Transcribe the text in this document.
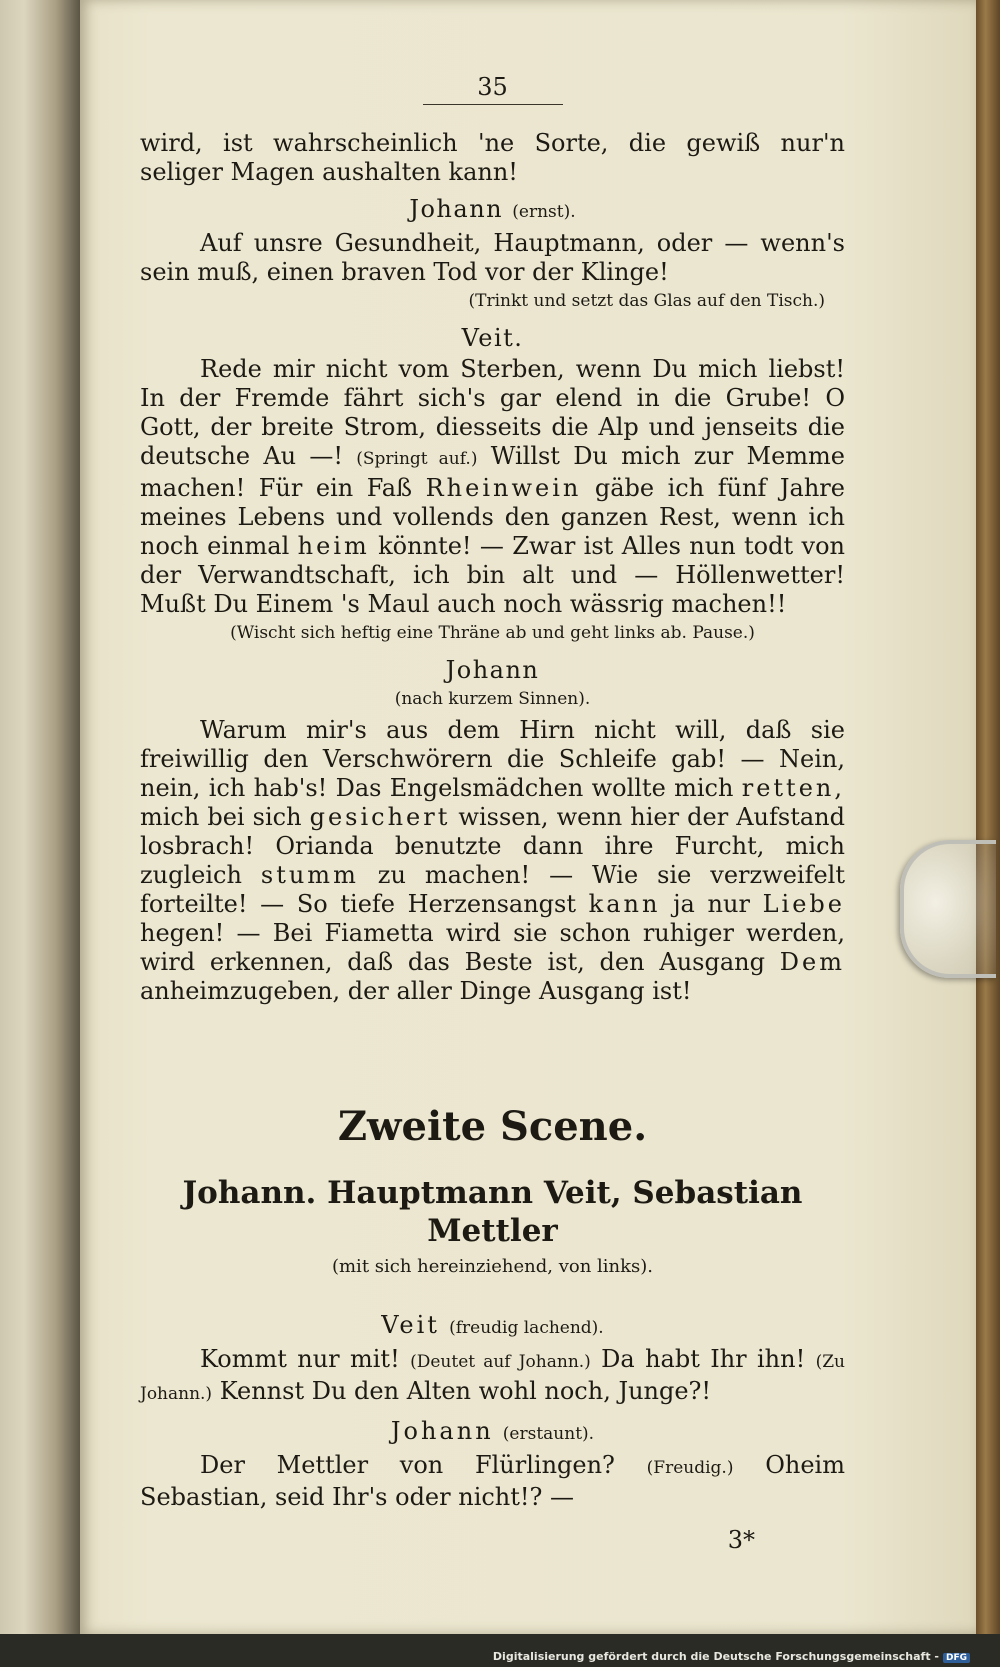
35

wird, ist wahrscheinlich 'ne Sorte, die gewiß nur'n seliger Magen aushalten kann!

Johann (ernst).

Auf unsre Gesundheit, Hauptmann, oder — wenn's sein muß, einen braven Tod vor der Klinge!

(Trinkt und setzt das Glas auf den Tisch.)

Veit.

Rede mir nicht vom Sterben, wenn Du mich liebst! In der Fremde fährt sich's gar elend in die Grube! O Gott, der breite Strom, diesseits die Alp und jenseits die deutsche Au —! (Springt auf.) Willst Du mich zur Memme machen! Für ein Faß Rheinwein gäbe ich fünf Jahre meines Lebens und vollends den ganzen Rest, wenn ich noch einmal heim könnte! — Zwar ist Alles nun todt von der Verwandtschaft, ich bin alt und — Höllenwetter! Mußt Du Einem 's Maul auch noch wässrig machen!!

(Wischt sich heftig eine Thräne ab und geht links ab. Pause.)

Johann
(nach kurzem Sinnen).

Warum mir's aus dem Hirn nicht will, daß sie freiwillig den Verschwörern die Schleife gab! — Nein, nein, ich hab's! Das Engelsmädchen wollte mich retten, mich bei sich gesichert wissen, wenn hier der Aufstand losbrach! Orianda benutzte dann ihre Furcht, mich zugleich stumm zu machen! — Wie sie verzweifelt forteilte! — So tiefe Herzensangst kann ja nur Liebe hegen! — Bei Fiametta wird sie schon ruhiger werden, wird erkennen, daß das Beste ist, den Ausgang Dem anheimzugeben, der aller Dinge Ausgang ist!

Zweite Scene.
Johann. Hauptmann Veit, Sebastian Mettler
(mit sich hereinziehend, von links).
Veit (freudig lachend).

Kommt nur mit! (Deutet auf Johann.) Da habt Ihr ihn! (Zu Johann.) Kennst Du den Alten wohl noch, Junge?!

Johann (erstaunt).

Der Mettler von Flürlingen? (Freudig.) Oheim Sebastian, seid Ihr's oder nicht!? —

3*
Digitalisierung gefördert durch die Deutsche Forschungsgemeinschaft - DFG
